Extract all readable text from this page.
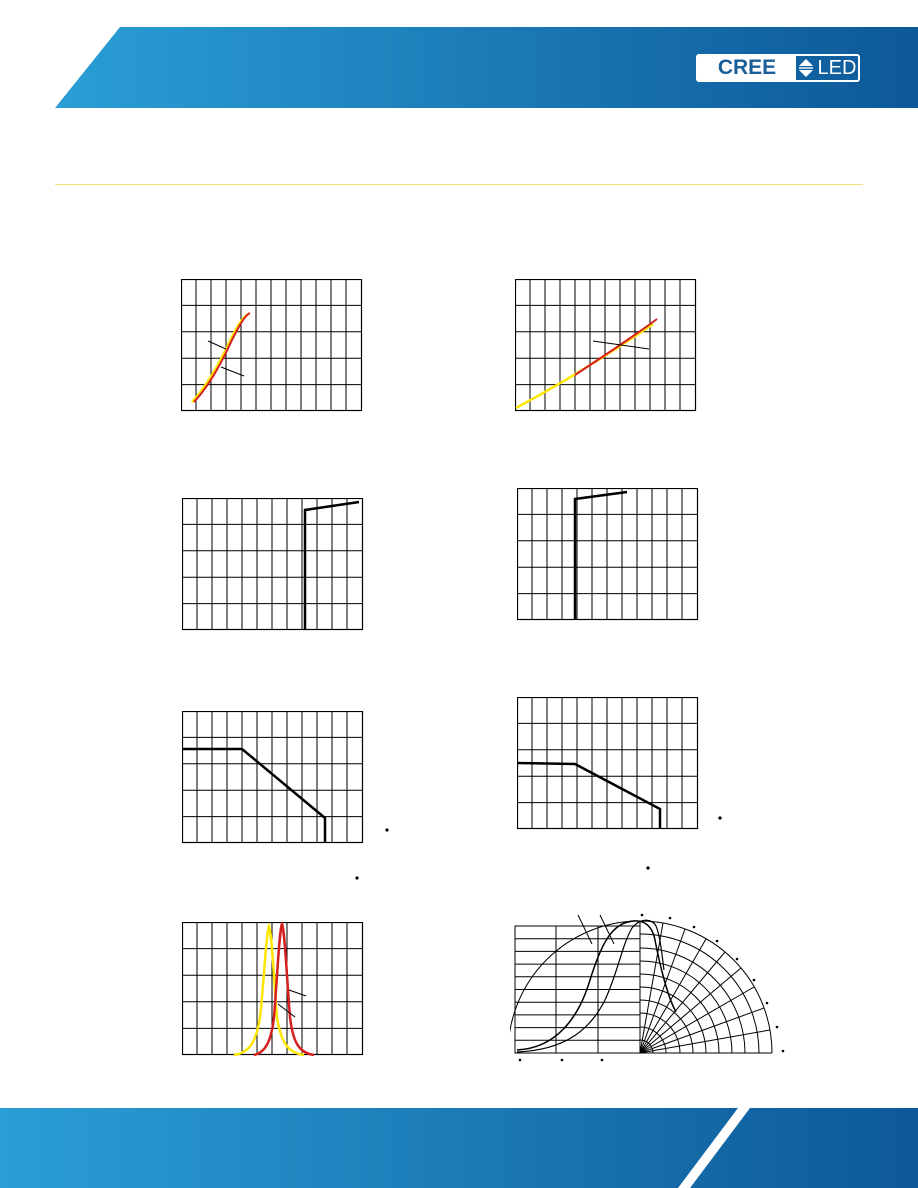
CREE	LED
